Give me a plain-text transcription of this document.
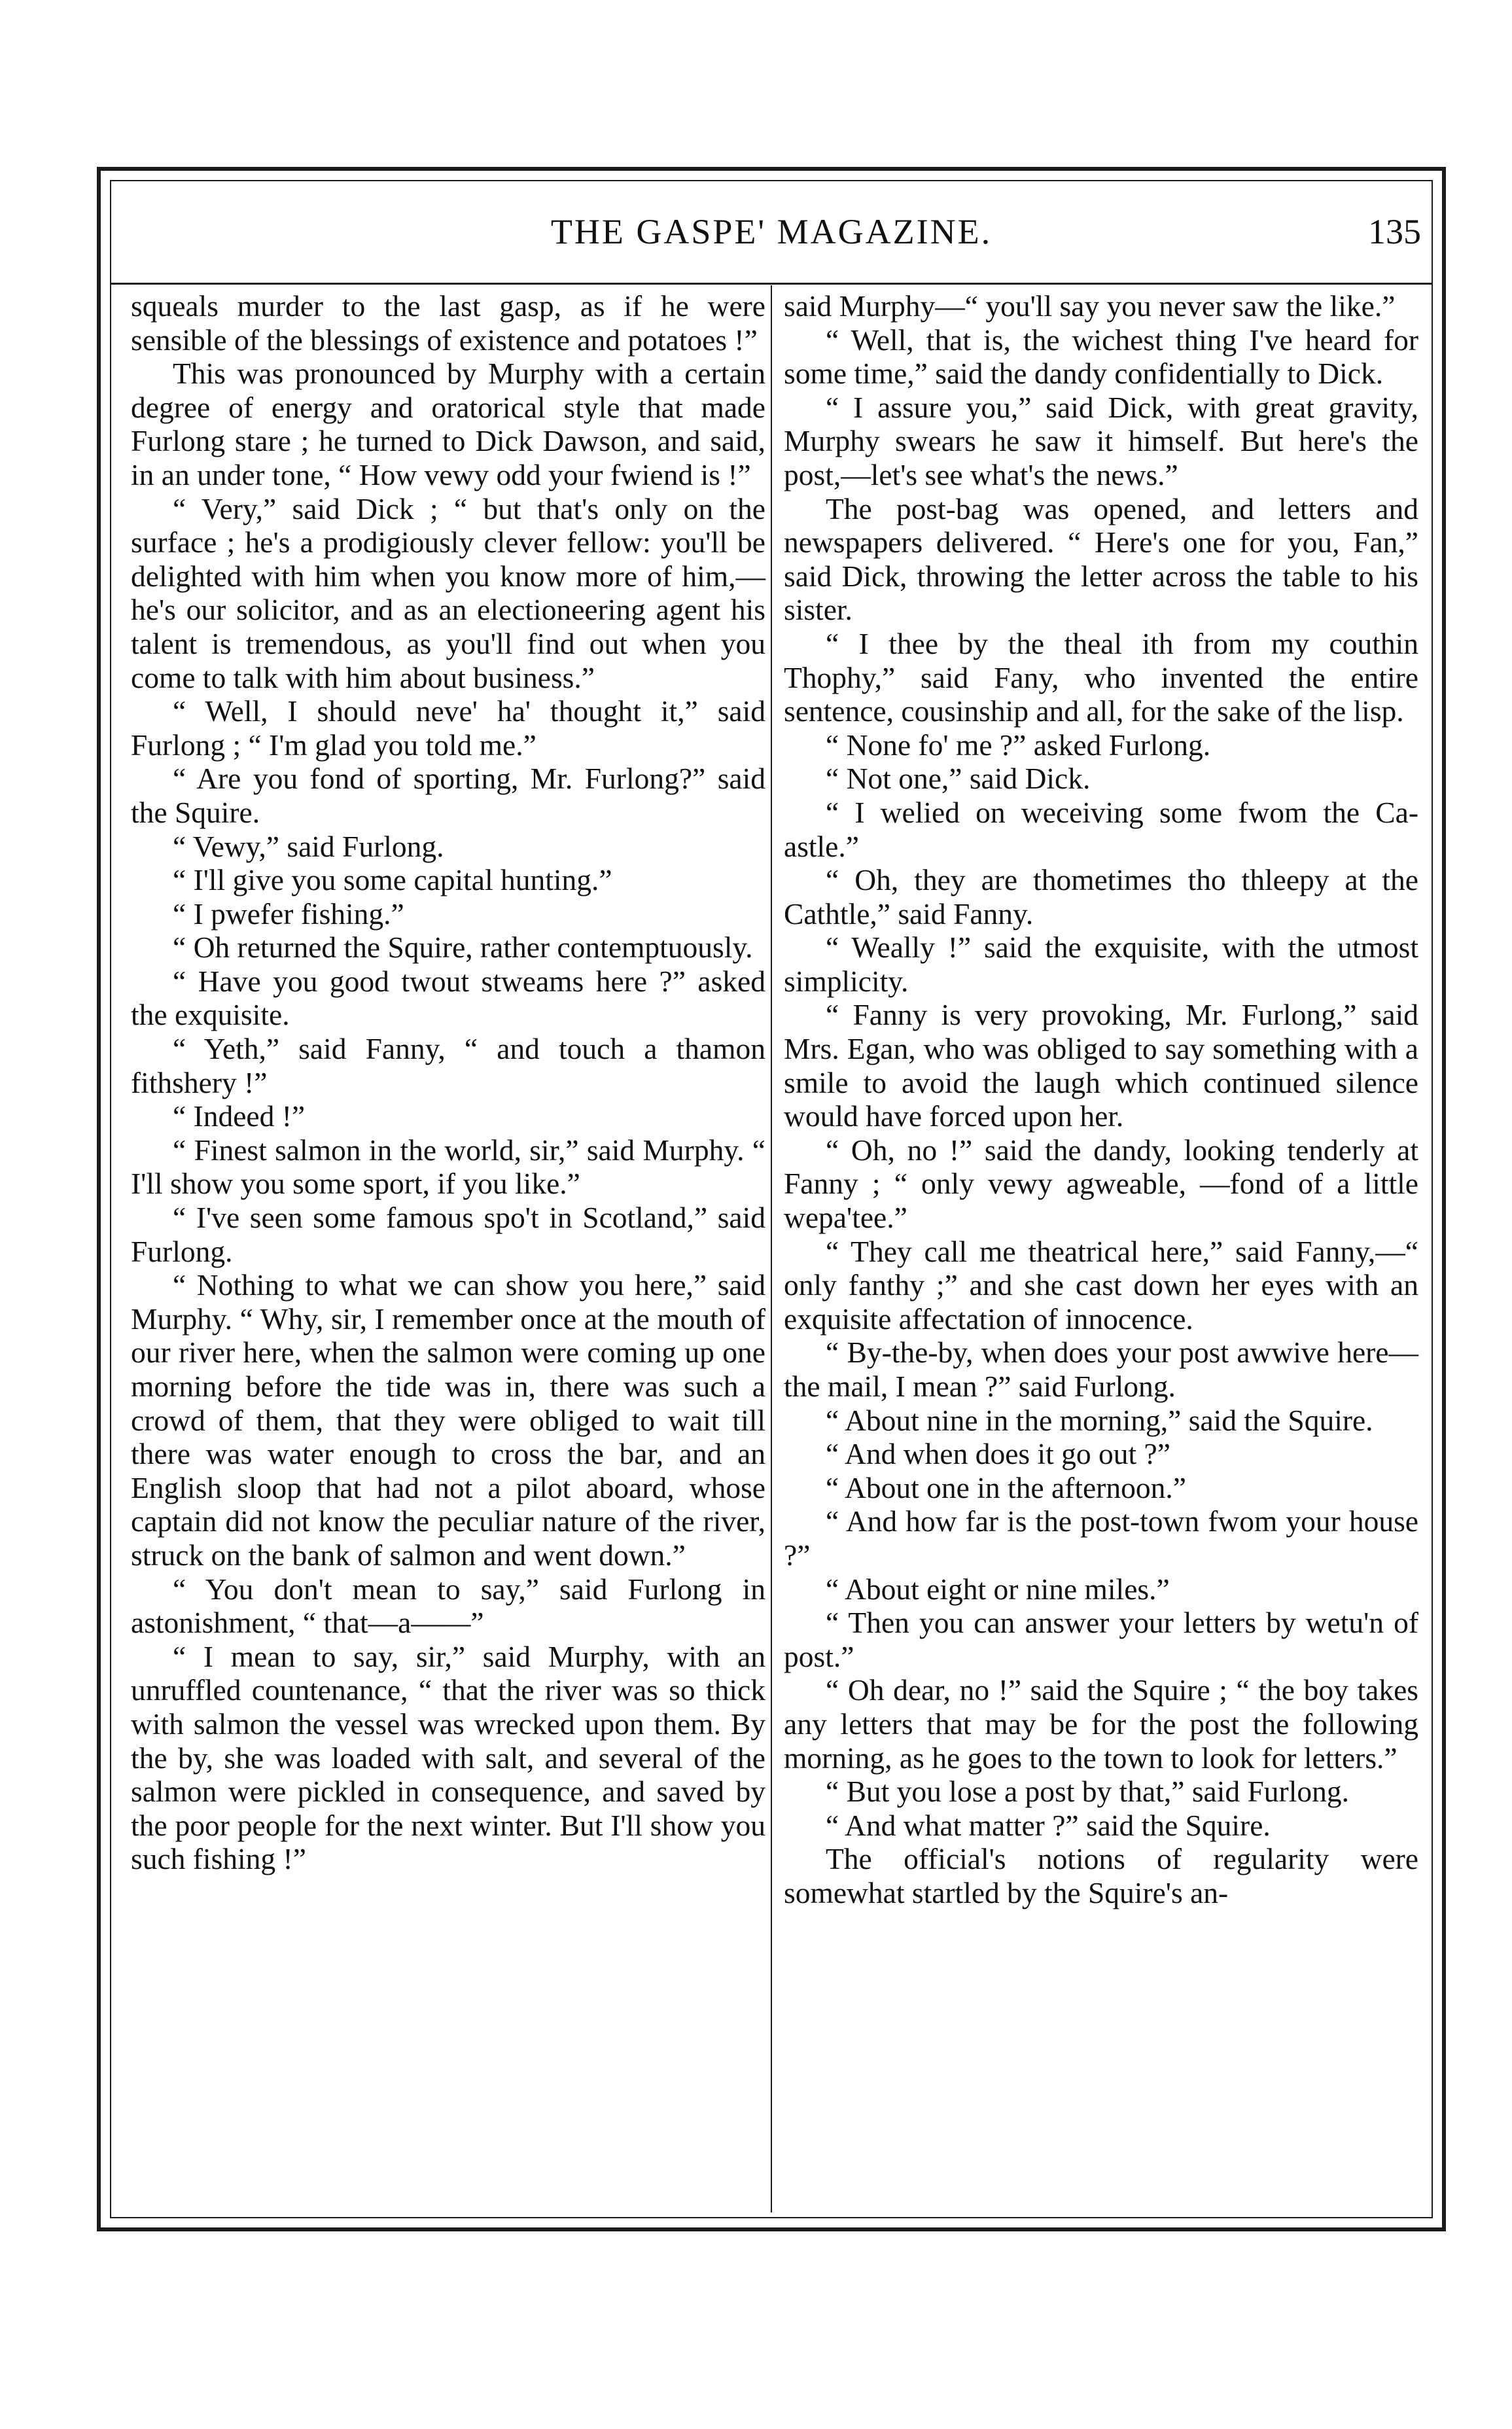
THE GASPE' MAGAZINE.	135

squeals murder to the last gasp, as if he were sensible of the blessings of existence and potatoes !”

This was pronounced by Murphy with a certain degree of energy and oratorical style that made Furlong stare ; he turned to Dick Dawson, and said, in an under tone, “ How vewy odd your fwiend is !”

“ Very,” said Dick ; “ but that's only on the surface ; he's a prodigiously clever fellow: you'll be delighted with him when you know more of him,—he's our solicitor, and as an electioneering agent his talent is tremendous, as you'll find out when you come to talk with him about business.”

“ Well, I should neve' ha' thought it,” said Furlong ; “ I'm glad you told me.”

“ Are you fond of sporting, Mr. Furlong?” said the Squire.

“ Vewy,” said Furlong.

“ I'll give you some capital hunting.”

“ I pwefer fishing.”

“ Oh returned the Squire, rather contemptuously.

“ Have you good twout stweams here ?” asked the exquisite.

“ Yeth,” said Fanny, “ and touch a thamon fithshery !”

“ Indeed !”

“ Finest salmon in the world, sir,” said Murphy. “ I'll show you some sport, if you like.”

“ I've seen some famous spo't in Scotland,” said Furlong.

“ Nothing to what we can show you here,” said Murphy. “ Why, sir, I remember once at the mouth of our river here, when the salmon were coming up one morning before the tide was in, there was such a crowd of them, that they were obliged to wait till there was water enough to cross the bar, and an English sloop that had not a pilot aboard, whose captain did not know the peculiar nature of the river, struck on the bank of salmon and went down.”

“ You don't mean to say,” said Furlong in astonishment, “ that—a——”

“ I mean to say, sir,” said Murphy, with an unruffled countenance, “ that the river was so thick with salmon the vessel was wrecked upon them. By the by, she was loaded with salt, and several of the salmon were pickled in consequence, and saved by the poor people for the next winter. But I'll show you such fishing !”

said Murphy—“ you'll say you never saw the like.”

“ Well, that is, the wichest thing I've heard for some time,” said the dandy confidentially to Dick.

“ I assure you,” said Dick, with great gravity, Murphy swears he saw it himself. But here's the post,—let's see what's the news.”

The post-bag was opened, and letters and newspapers delivered. “ Here's one for you, Fan,” said Dick, throwing the letter across the table to his sister.

“ I thee by the theal ith from my couthin Thophy,” said Fany, who invented the entire sentence, cousinship and all, for the sake of the lisp.

“ None fo' me ?” asked Furlong.

“ Not one,” said Dick.

“ I welied on weceiving some fwom the Ca-astle.”

“ Oh, they are thometimes tho thleepy at the Cathtle,” said Fanny.

“ Weally !” said the exquisite, with the utmost simplicity.

“ Fanny is very provoking, Mr. Furlong,” said Mrs. Egan, who was obliged to say something with a smile to avoid the laugh which continued silence would have forced upon her.

“ Oh, no !” said the dandy, looking tenderly at Fanny ; “ only vewy agweable, —fond of a little wepa'tee.”

“ They call me theatrical here,” said Fanny,—“ only fanthy ;” and she cast down her eyes with an exquisite affectation of innocence.

“ By-the-by, when does your post awwive here—the mail, I mean ?” said Furlong.

“ About nine in the morning,” said the Squire.

“ And when does it go out ?”

“ About one in the afternoon.”

“ And how far is the post-town fwom your house ?”

“ About eight or nine miles.”

“ Then you can answer your letters by wetu'n of post.”

“ Oh dear, no !” said the Squire ; “ the boy takes any letters that may be for the post the following morning, as he goes to the town to look for letters.”

“ But you lose a post by that,” said Furlong.

“ And what matter ?” said the Squire.

The official's notions of regularity were somewhat startled by the Squire's an-
